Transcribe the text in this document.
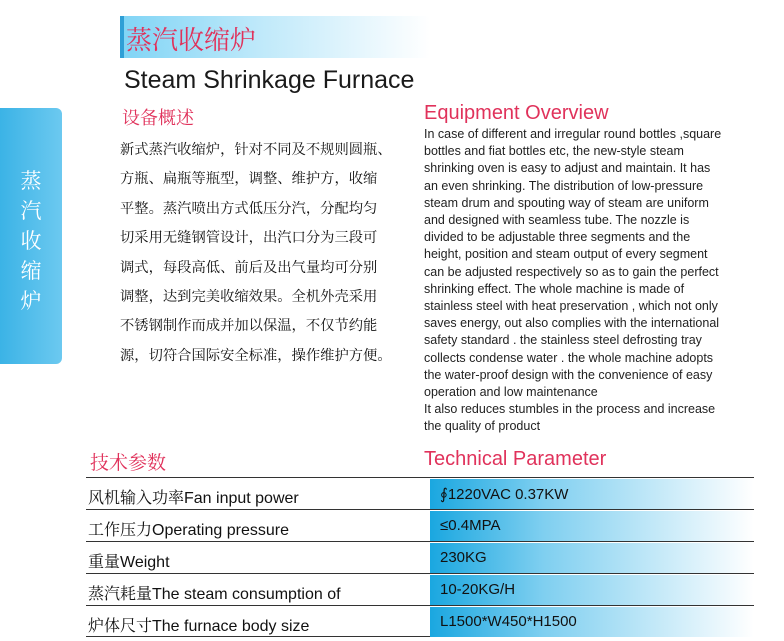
蒸
汽
收
缩
炉
蒸汽收缩炉
Steam Shrinkage Furnace
设备概述
新式蒸汽收缩炉，针对不同及不规则圆瓶、
方瓶、扁瓶等瓶型，调整、维护方，收缩
平整。蒸汽喷出方式低压分汽，分配均匀
切采用无缝钢管设计，出汽口分为三段可
调式，每段高低、前后及出气量均可分别
调整，达到完美收缩效果。全机外壳采用
不锈钢制作而成并加以保温，不仅节约能
源，切符合国际安全标准，操作维护方便。
Equipment Overview
In case of different and irregular round bottles ,square
bottles and fiat bottles etc, the new-style steam
shrinking oven is easy to adjust and maintain. It has
an even shrinking. The distribution of low-pressure
steam drum and spouting way of steam are uniform
and designed with seamless tube. The nozzle is
divided to be adjustable three segments and the
height, position and steam output of every segment
can be adjusted respectively so as to gain the perfect
shrinking effect. The whole machine is made of
stainless steel with heat preservation , which not only
saves energy, out also complies with the international
safety standard . the stainless steel defrosting tray
collects condense water . the whole machine adopts
the water-proof design with the convenience of easy
operation and low maintenance
It also reduces stumbles in the process and increase
the quality of product
技术参数	Technical Parameter
风机输入功率Fan input power	∮1220VAC 0.37KW
工作压力Operating pressure	≤0.4MPA
重量Weight	230KG
蒸汽耗量The steam consumption of	10-20KG/H
炉体尺寸The furnace body size	L1500*W450*H1500
